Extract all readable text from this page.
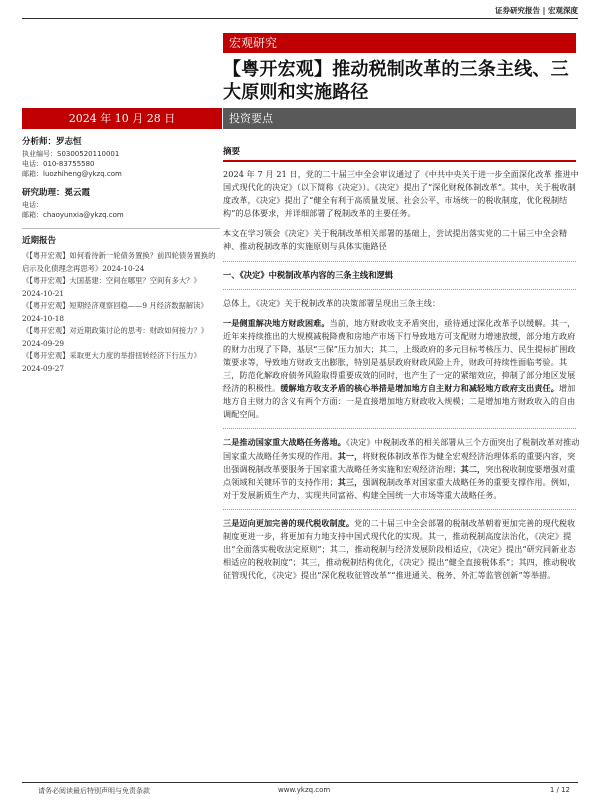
证券研究报告 | 宏观深度
宏观研究
【粤开宏观】推动税制改革的三条主线、三大原则和实施路径
2024 年 10 月 28 日	投资要点
分析师：罗志恒
执业编号：S0300520110001
电话：010-83755580
邮箱：luozhiheng@ykzq.com
研究助理：冕云霞
电话：
邮箱：chaoyunxia@ykzq.com
近期报告
《【粤开宏观】如何看待新一轮债务置换？前四轮债务置换的启示及化债理念再思考》2024-10-24
《【粤开宏观】大国基建：空间在哪里？空间有多大？》2024-10-21
《【粤开宏观】短期经济观察回稳——9 月经济数据解读》2024-10-18
《【粤开宏观】对近期政策讨论的思考：财政如何接力？》2024-09-29
《【粤开宏观】采取更大力度的举措扭转经济下行压力》2024-09-27
摘要
2024 年 7 月 21 日，党的二十届三中全会审议通过了《中共中央关于进一步全面深化改革 推进中国式现代化的决定》（以下简称《决定》）。《决定》提出了“深化财税体制改革”。其中，关于税收制度改革，《决定》提出了“健全有利于高质量发展、社会公平、市场统一的税收制度，优化税制结构”的总体要求，并详细部署了税制改革的主要任务。
本文在学习领会《决定》关于税制改革相关部署的基础上，尝试提出落实党的二十届三中全会精神、推动税制改革的实施原则与具体实施路径
一、《决定》中税制改革内容的三条主线和逻辑
总体上，《决定》关于税制改革的决策部署呈现出三条主线：
一是侧重解决地方财政困难。当前，地方财政收支矛盾突出，亟待通过深化改革予以缓解。其一，近年来持续推出的大规模减税降费和房地产市场下行导致地方可支配财力增速放缓，部分地方政府的财力出现了下降，基层“三保”压力加大；其二，上级政府的多元目标考核压力、民生提标扩围政策要求等，导致地方财政支出膨胀，特别是基层政府财政风险上升，财政可持续性面临考验。其三，防范化解政府债务风险取得重要成效的同时，也产生了一定的紧缩效应，抑制了部分地区发展经济的积极性。缓解地方收支矛盾的核心举措是增加地方自主财力和减轻地方政府支出责任。增加地方自主财力的含义有两个方面：一是直接增加地方财政收入规模；二是增加地方财政收入的自由调配空间。
二是推动国家重大战略任务落地。《决定》中税制改革的相关部署从三个方面突出了税制改革对推动国家重大战略任务实现的作用。其一，将财税体制改革作为健全宏观经济治理体系的重要内容，突出强调税制改革要服务于国家重大战略任务实施和宏观经济治理；其二，突出税收制度要增强对重点领域和关键环节的支持作用；其三，强调税制改革对国家重大战略任务的重要支撑作用。例如，对于发展新质生产力、实现共同富裕、构建全国统一大市场等重大战略任务。
三是迈向更加完善的现代税收制度。党的二十届三中全会部署的税制改革朝着更加完善的现代税收制度更进一步，将更加有力地支持中国式现代化的实现。其一，推动税制高度法治化，《决定》提出“全面落实税收法定原则”；其二，推动税制与经济发展阶段相适应，《决定》提出“研究同新业态相适应的税收制度”；其三，推动税制结构优化，《决定》提出“健全直接税体系”；其四，推动税收征管现代化，《决定》提出“深化税收征管改革”“推进通关、税务、外汇等监管创新”等举措。
请务必阅读最后特别声明与免责条款	www.ykzq.com	1 / 12
